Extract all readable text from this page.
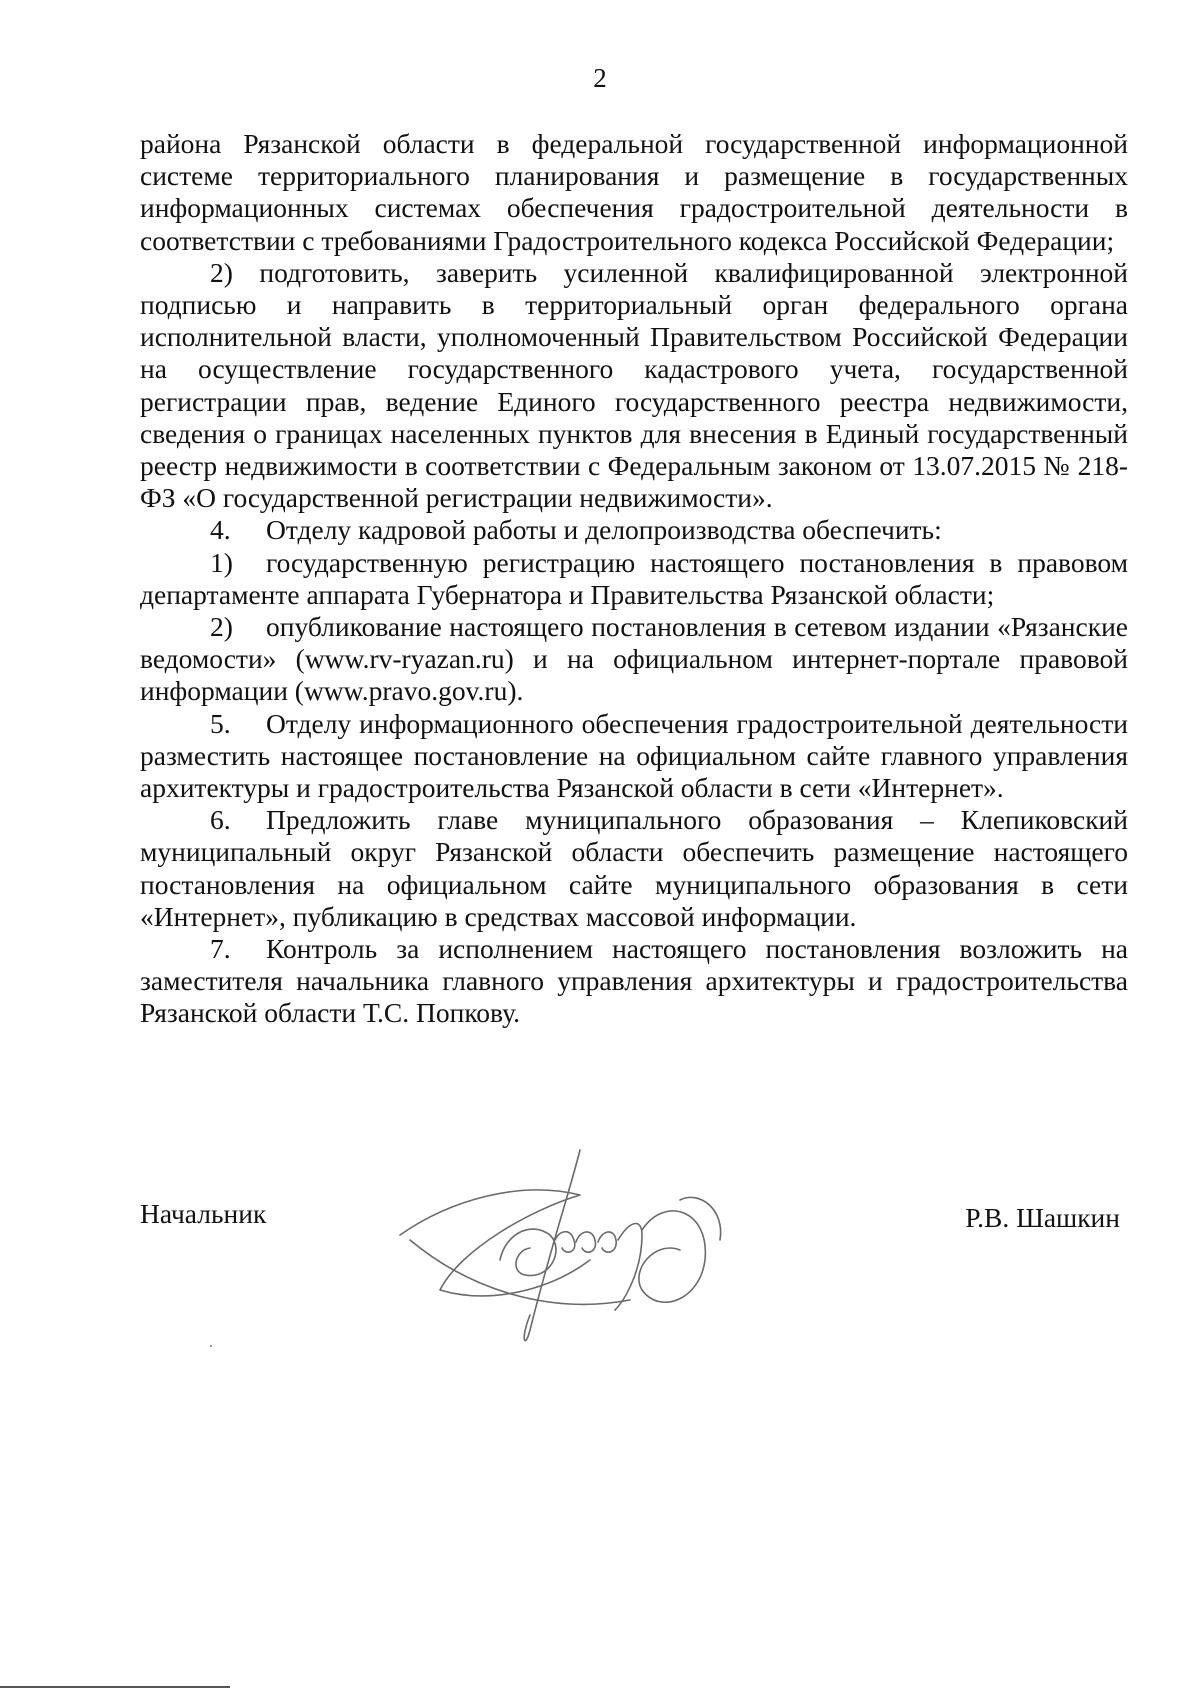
2

района Рязанской области в федеральной государственной информационной системе территориального планирования и размещение в государственных информационных системах обеспечения градостроительной деятельности в соответствии с требованиями Градостроительного кодекса Российской Федерации;

2) подготовить, заверить усиленной квалифицированной электронной подписью и направить в территориальный орган федерального органа исполнительной власти, уполномоченный Правительством Российской Федерации на осуществление государственного кадастрового учета, государственной регистрации прав, ведение Единого государственного реестра недвижимости, сведения о границах населенных пунктов для внесения в Единый государственный реестр недвижимости в соответствии с Федеральным законом от 13.07.2015 № 218-ФЗ «О государственной регистрации недвижимости».

4. Отделу кадровой работы и делопроизводства обеспечить:

1) государственную регистрацию настоящего постановления в правовом департаменте аппарата Губернатора и Правительства Рязанской области;

2) опубликование настоящего постановления в сетевом издании «Рязанские ведомости» (www.rv-ryazan.ru) и на официальном интернет-портале правовой информации (www.pravo.gov.ru).

5. Отделу информационного обеспечения градостроительной деятельности разместить настоящее постановление на официальном сайте главного управления архитектуры и градостроительства Рязанской области в сети «Интернет».

6. Предложить главе муниципального образования – Клепиковский муниципальный округ Рязанской области обеспечить размещение настоящего постановления на официальном сайте муниципального образования в сети «Интернет», публикацию в средствах массовой информации.

7. Контроль за исполнением настоящего постановления возложить на заместителя начальника главного управления архитектуры и градостроительства Рязанской области Т.С. Попкову.

Начальник	Р.В. Шашкин
